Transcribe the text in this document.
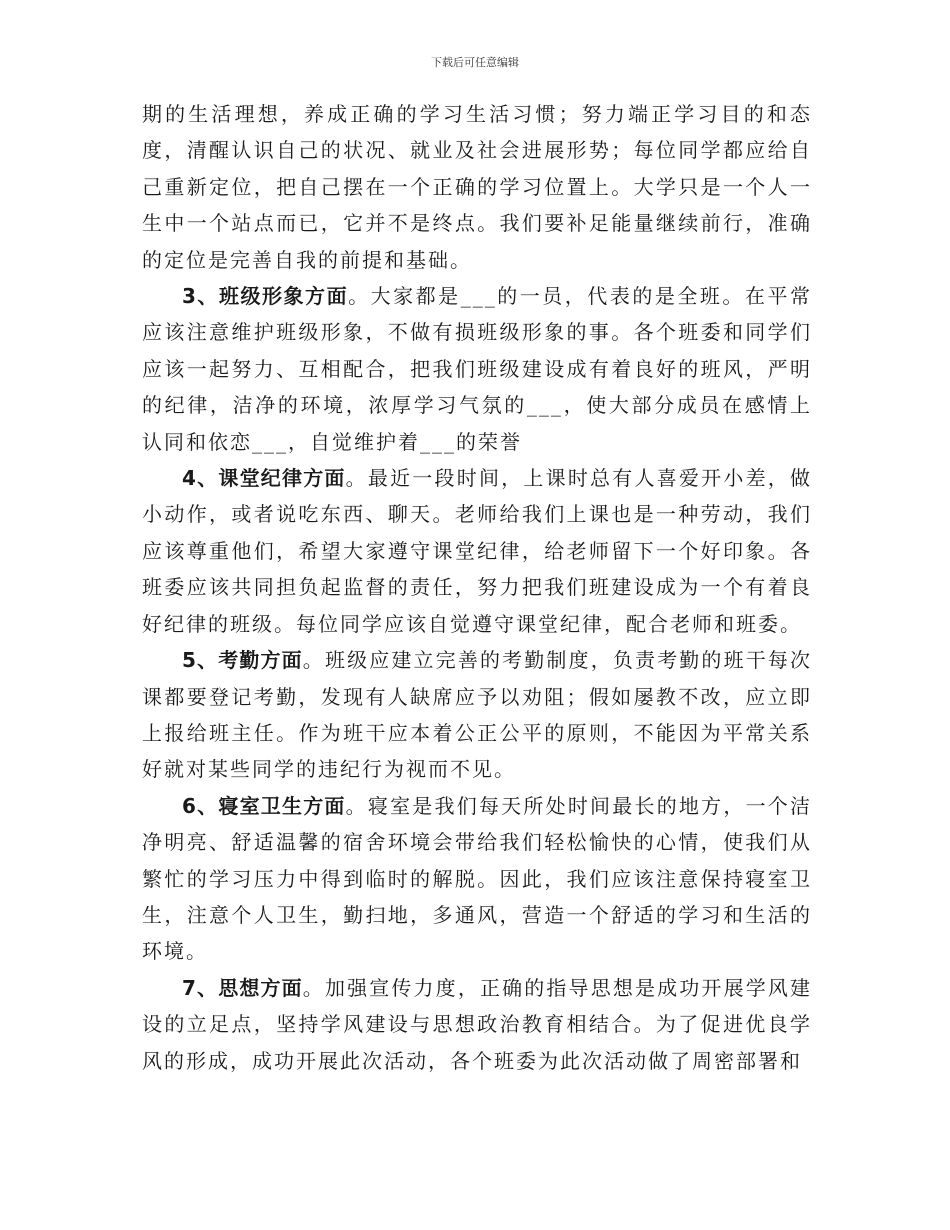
下载后可任意编辑

期的生活理想，养成正确的学习生活习惯；努力端正学习目的和态度，清醒认识自己的状况、就业及社会进展形势；每位同学都应给自己重新定位，把自己摆在一个正确的学习位置上。大学只是一个人一生中一个站点而已，它并不是终点。我们要补足能量继续前行，准确的定位是完善自我的前提和基础。

3、班级形象方面。大家都是___的一员，代表的是全班。在平常应该注意维护班级形象，不做有损班级形象的事。各个班委和同学们应该一起努力、互相配合，把我们班级建设成有着良好的班风，严明的纪律，洁净的环境，浓厚学习气氛的___，使大部分成员在感情上认同和依恋___，自觉维护着___的荣誉

4、课堂纪律方面。最近一段时间，上课时总有人喜爱开小差，做小动作，或者说吃东西、聊天。老师给我们上课也是一种劳动，我们应该尊重他们，希望大家遵守课堂纪律，给老师留下一个好印象。各班委应该共同担负起监督的责任，努力把我们班建设成为一个有着良好纪律的班级。每位同学应该自觉遵守课堂纪律，配合老师和班委。

5、考勤方面。班级应建立完善的考勤制度，负责考勤的班干每次课都要登记考勤，发现有人缺席应予以劝阻；假如屡教不改，应立即上报给班主任。作为班干应本着公正公平的原则，不能因为平常关系好就对某些同学的违纪行为视而不见。

6、寝室卫生方面。寝室是我们每天所处时间最长的地方，一个洁净明亮、舒适温馨的宿舍环境会带给我们轻松愉快的心情，使我们从繁忙的学习压力中得到临时的解脱。因此，我们应该注意保持寝室卫生，注意个人卫生，勤扫地，多通风，营造一个舒适的学习和生活的环境。

7、思想方面。加强宣传力度，正确的指导思想是成功开展学风建设的立足点，坚持学风建设与思想政治教育相结合。为了促进优良学风的形成，成功开展此次活动，各个班委为此次活动做了周密部署和
